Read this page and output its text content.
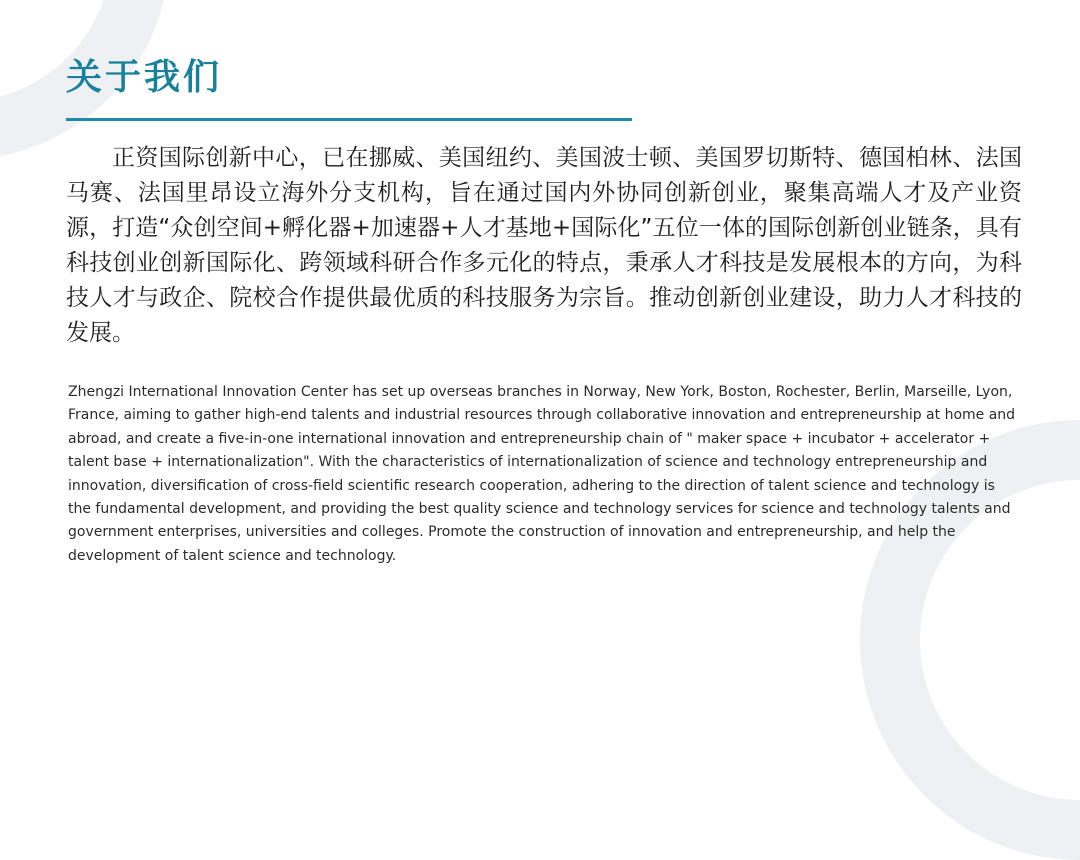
关于我们

正资国际创新中心，已在挪威、美国纽约、美国波士顿、美国罗切斯特、德国柏林、法国马赛、法国里昂设立海外分支机构，旨在通过国内外协同创新创业，聚集高端人才及产业资源，打造“众创空间+孵化器+加速器+人才基地+国际化”五位一体的国际创新创业链条，具有科技创业创新国际化、跨领域科研合作多元化的特点，秉承人才科技是发展根本的方向，为科技人才与政企、院校合作提供最优质的科技服务为宗旨。推动创新创业建设，助力人才科技的发展。

Zhengzi International Innovation Center has set up overseas branches in Norway, New York, Boston, Rochester, Berlin, Marseille, Lyon, France, aiming to gather high-end talents and industrial resources through collaborative innovation and entrepreneurship at home and abroad, and create a five-in-one international innovation and entrepreneurship chain of " maker space + incubator + accelerator + talent base + internationalization". With the characteristics of internationalization of science and technology entrepreneurship and innovation, diversification of cross-field scientific research cooperation, adhering to the direction of talent science and technology is the fundamental development, and providing the best quality science and technology services for science and technology talents and government enterprises, universities and colleges. Promote the construction of innovation and entrepreneurship, and help the development of talent science and technology.
